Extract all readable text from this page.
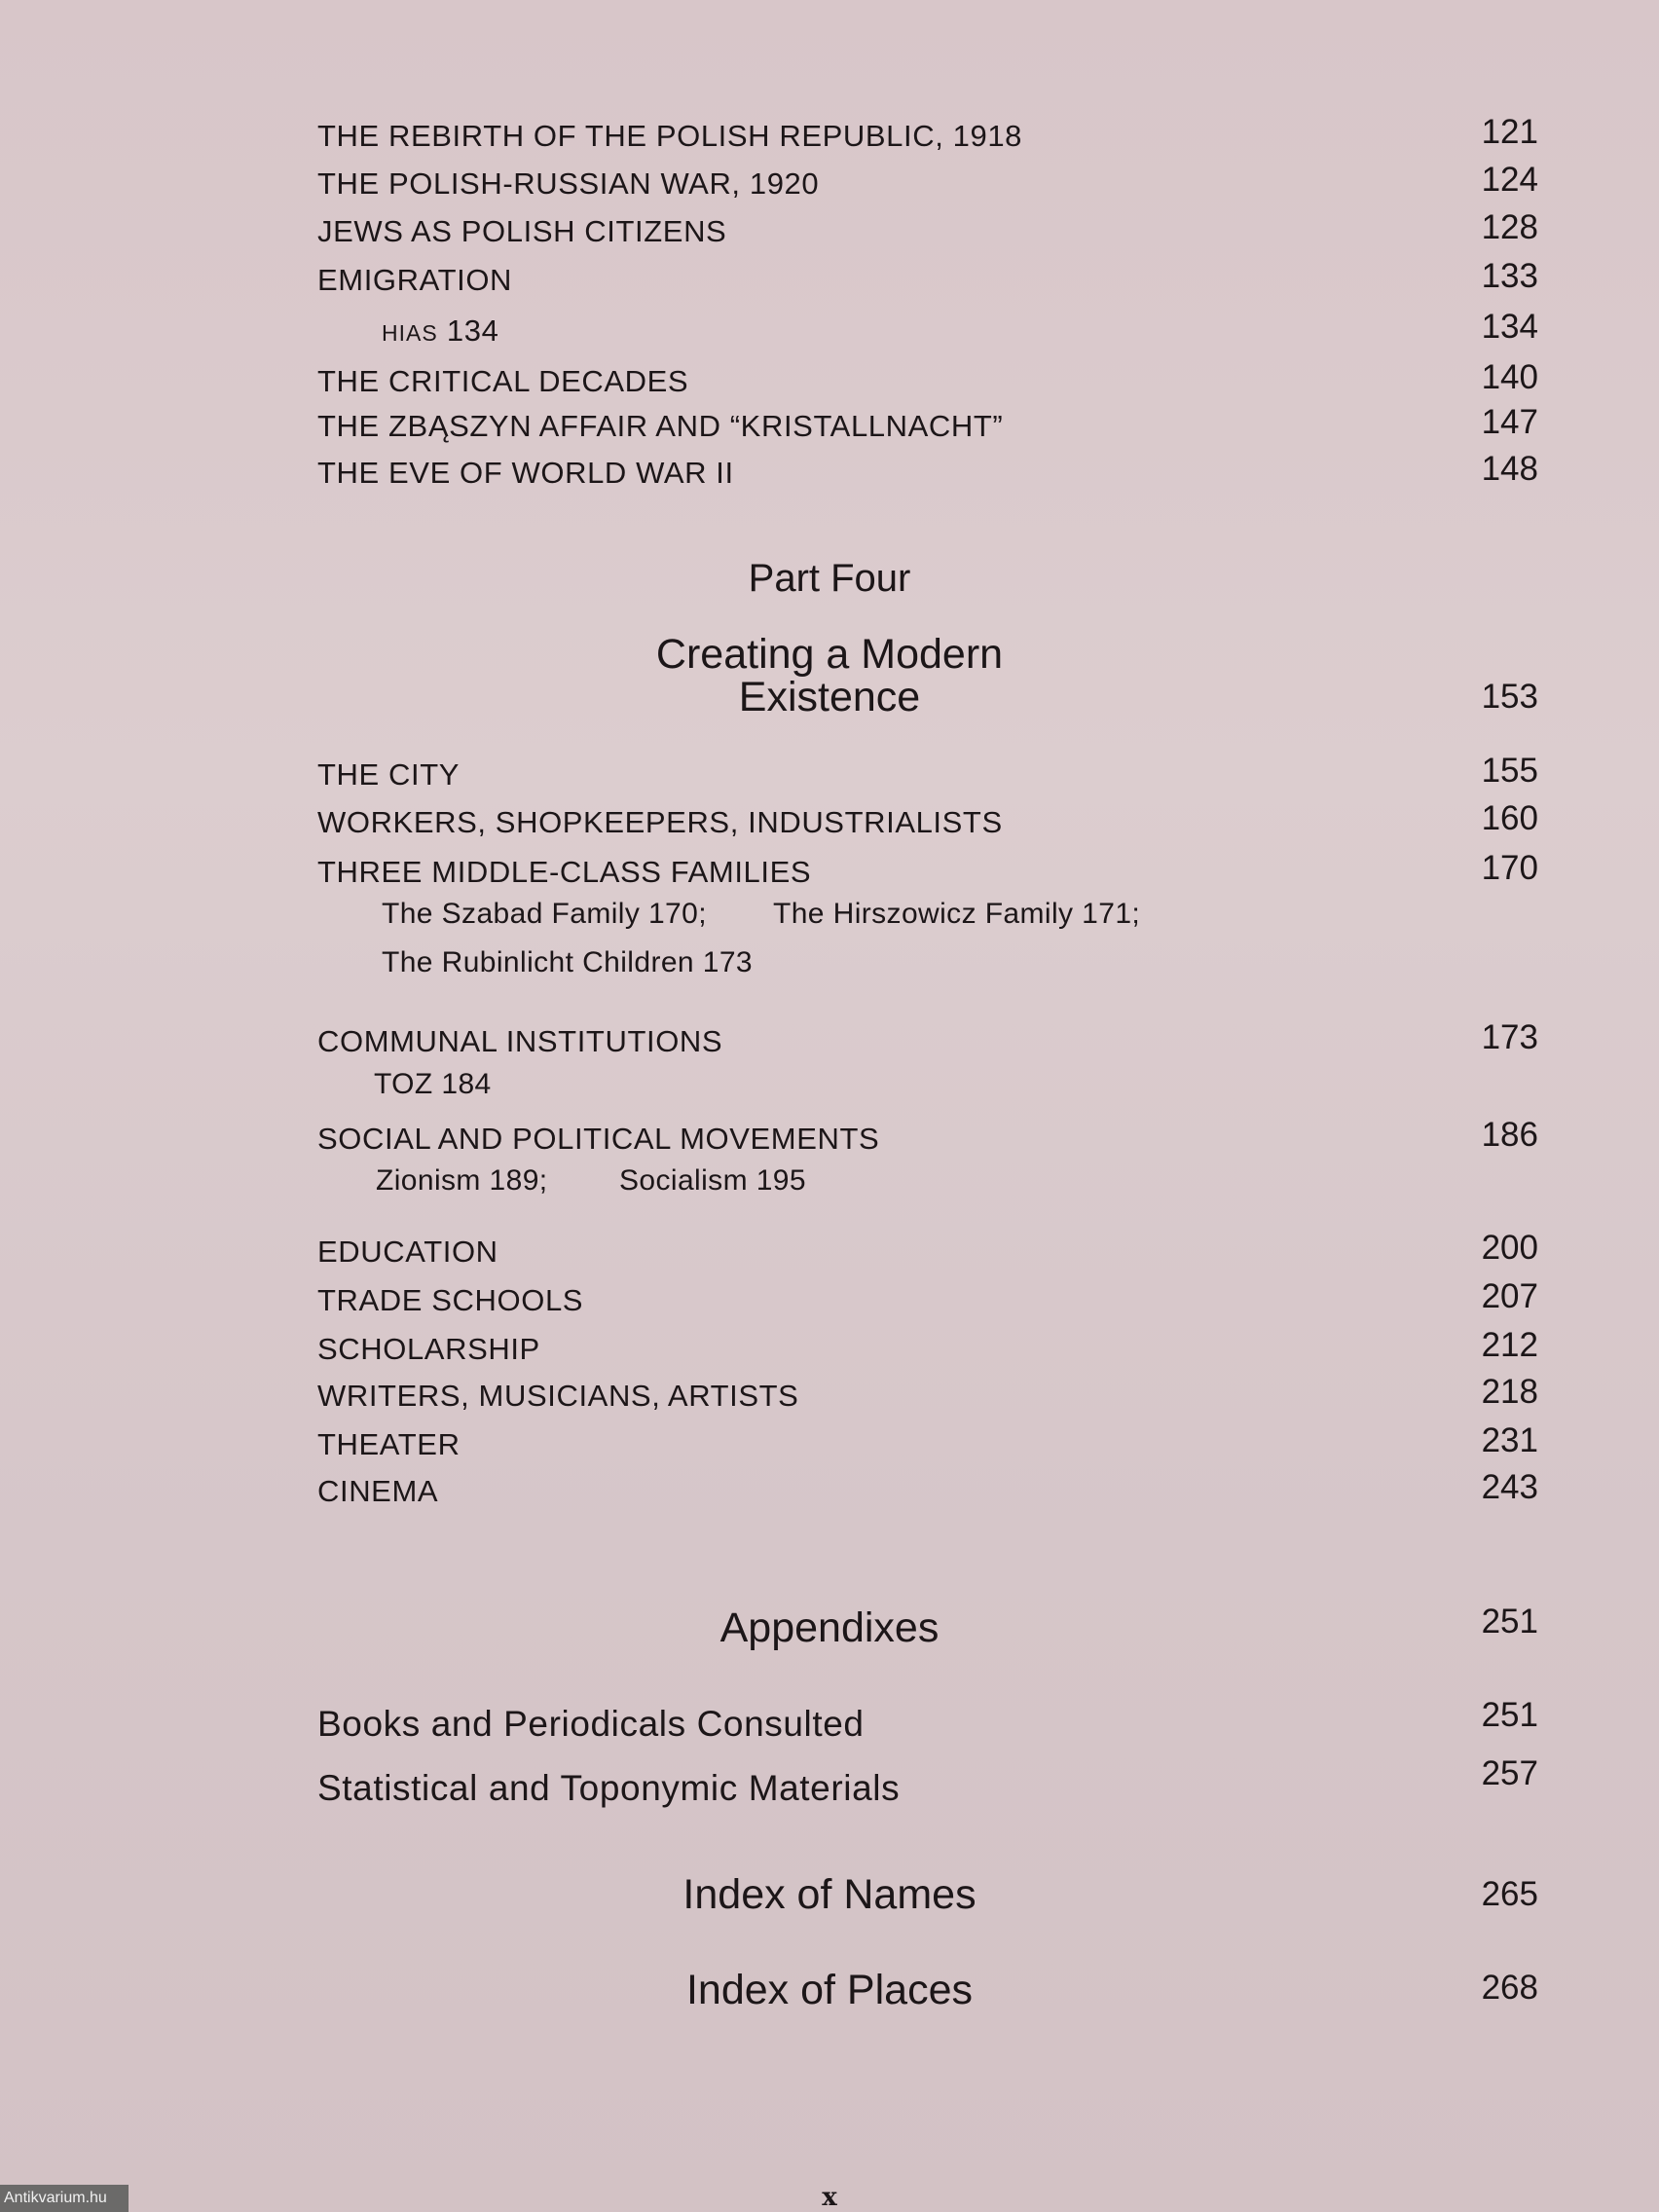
THE REBIRTH OF THE POLISH REPUBLIC, 1918	121
THE POLISH-RUSSIAN WAR, 1920	124
JEWS AS POLISH CITIZENS	128
EMIGRATION	133
HIAS 134	134
THE CRITICAL DECADES	140
THE ZBĄSZYN AFFAIR AND “KRISTALLNACHT”	147
THE EVE OF WORLD WAR II	148
Part Four
Creating a Modern
Existence	153
THE CITY	155
WORKERS, SHOPKEEPERS, INDUSTRIALISTS	160
THREE MIDDLE-CLASS FAMILIES	170
The Szabad Family 170; The Hirszowicz Family 171;
The Rubinlicht Children 173
COMMUNAL INSTITUTIONS	173
TOZ 184
SOCIAL AND POLITICAL MOVEMENTS	186
Zionism 189; Socialism 195
EDUCATION	200
TRADE SCHOOLS	207
SCHOLARSHIP	212
WRITERS, MUSICIANS, ARTISTS	218
THEATER	231
CINEMA	243
Appendixes	251
Books and Periodicals Consulted	251
Statistical and Toponymic Materials	257
Index of Names	265
Index of Places	268
x
Antikvarium.hu
